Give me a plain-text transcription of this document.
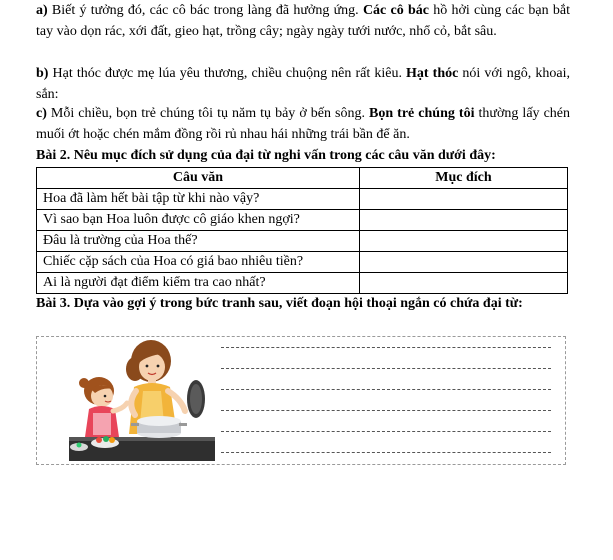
a) Biết ý tưởng đó, các cô bác trong làng đã hưởng ứng. Các cô bác hồ hởi cùng các bạn bắt tay vào dọn rác, xới đất, gieo hạt, trồng cây; ngày ngày tưới nước, nhổ cỏ, bắt sâu.
b) Hạt thóc được mẹ lúa yêu thương, chiều chuộng nên rất kiêu. Hạt thóc nói với ngô, khoai, sắn:
c) Mỗi chiều, bọn trẻ chúng tôi tụ năm tụ bảy ở bến sông. Bọn trẻ chúng tôi thường lấy chén muối ớt hoặc chén mắm đồng rồi rủ nhau hái những trái bần để ăn.
Bài 2. Nêu mục đích sử dụng của đại từ nghi vấn trong các câu văn dưới đây:
Câu văn	Mục đích
Hoa đã làm hết bài tập từ khi nào vậy?	
Vì sao bạn Hoa luôn được cô giáo khen ngợi?	
Đâu là trường của Hoa thế?	
Chiếc cặp sách của Hoa có giá bao nhiêu tiền?	
Ai là người đạt điểm kiểm tra cao nhất?	
Bài 3. Dựa vào gợi ý trong bức tranh sau, viết đoạn hội thoại ngắn có chứa đại từ:
